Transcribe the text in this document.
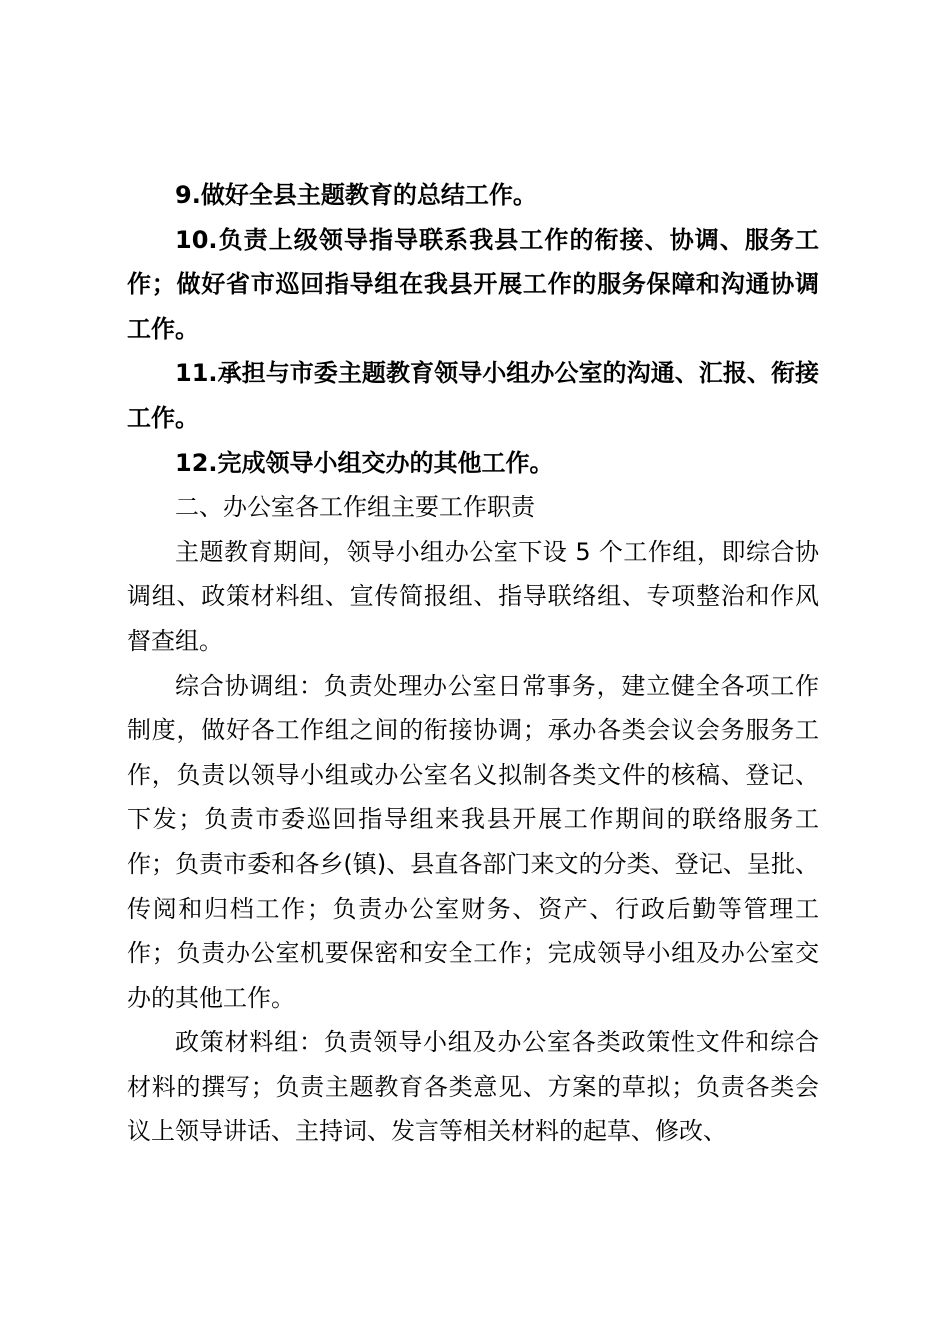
9.做好全县主题教育的总结工作。

10.负责上级领导指导联系我县工作的衔接、协调、服务工作；做好省市巡回指导组在我县开展工作的服务保障和沟通协调工作。

11.承担与市委主题教育领导小组办公室的沟通、汇报、衔接工作。

12.完成领导小组交办的其他工作。

二、办公室各工作组主要工作职责

主题教育期间，领导小组办公室下设 5 个工作组，即综合协调组、政策材料组、宣传简报组、指导联络组、专项整治和作风督查组。

综合协调组：负责处理办公室日常事务，建立健全各项工作制度，做好各工作组之间的衔接协调；承办各类会议会务服务工作，负责以领导小组或办公室名义拟制各类文件的核稿、登记、下发；负责市委巡回指导组来我县开展工作期间的联络服务工作；负责市委和各乡(镇)、县直各部门来文的分类、登记、呈批、传阅和归档工作；负责办公室财务、资产、行政后勤等管理工作；负责办公室机要保密和安全工作；完成领导小组及办公室交办的其他工作。

政策材料组：负责领导小组及办公室各类政策性文件和综合材料的撰写；负责主题教育各类意见、方案的草拟；负责各类会议上领导讲话、主持词、发言等相关材料的起草、修改、
